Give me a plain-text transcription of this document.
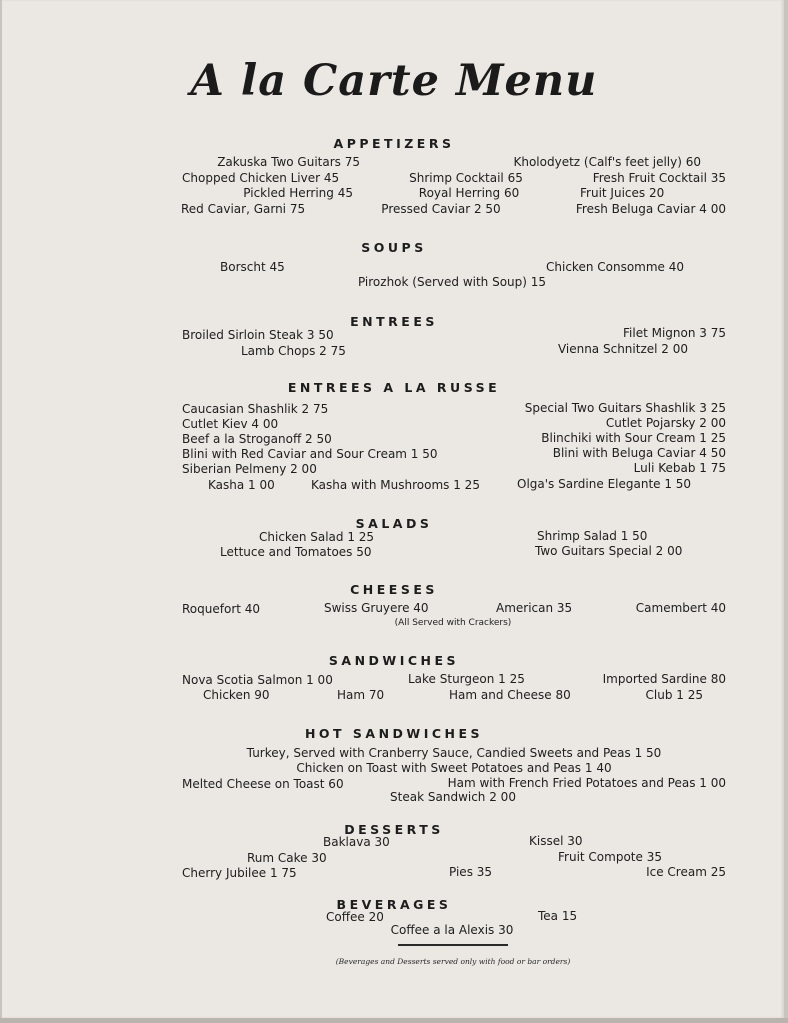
A la Carte Menu
APPETIZERS
Zakuska Two Guitars 75
Chopped Chicken Liver 45
Pickled Herring 45
Red Caviar, Garni 75
Shrimp Cocktail 65
Royal Herring 60
Pressed Caviar 2 50
Kholodyetz (Calf's feet jelly) 60
Fresh Fruit Cocktail 35
Fruit Juices 20
Fresh Beluga Caviar 4 00
SOUPS
Borscht 45	Chicken Consomme 40
Pirozhok (Served with Soup) 15
ENTREES
Broiled Sirloin Steak 3 50
Lamb Chops 2 75
Filet Mignon 3 75
Vienna Schnitzel 2 00
ENTREES A LA RUSSE
Caucasian Shashlik 2 75
Cutlet Kiev 4 00
Beef a la Stroganoff 2 50
Blini with Red Caviar and Sour Cream 1 50
Siberian Pelmeny 2 00
Kasha 1 00	Kasha with Mushrooms 1 25
Special Two Guitars Shashlik 3 25
Cutlet Pojarsky 2 00
Blinchiki with Sour Cream 1 25
Blini with Beluga Caviar 4 50
Luli Kebab 1 75
Olga's Sardine Elegante 1 50
SALADS
Chicken Salad 1 25
Lettuce and Tomatoes 50
Shrimp Salad 1 50
Two Guitars Special 2 00
CHEESES
Roquefort 40	Swiss Gruyere 40	American 35	Camembert 40
(All Served with Crackers)
SANDWICHES
Nova Scotia Salmon 1 00	Lake Sturgeon 1 25	Imported Sardine 80
Chicken 90	Ham 70	Ham and Cheese 80	Club 1 25
HOT SANDWICHES
Turkey, Served with Cranberry Sauce, Candied Sweets and Peas 1 50
Chicken on Toast with Sweet Potatoes and Peas 1 40
Melted Cheese on Toast 60	Ham with French Fried Potatoes and Peas 1 00
Steak Sandwich 2 00
DESSERTS
Baklava 30	Kissel 30
Rum Cake 30	Fruit Compote 35
Cherry Jubilee 1 75	Pies 35	Ice Cream 25
BEVERAGES
Coffee 20	Tea 15
Coffee a la Alexis 30
(Beverages and Desserts served only with food or bar orders)
